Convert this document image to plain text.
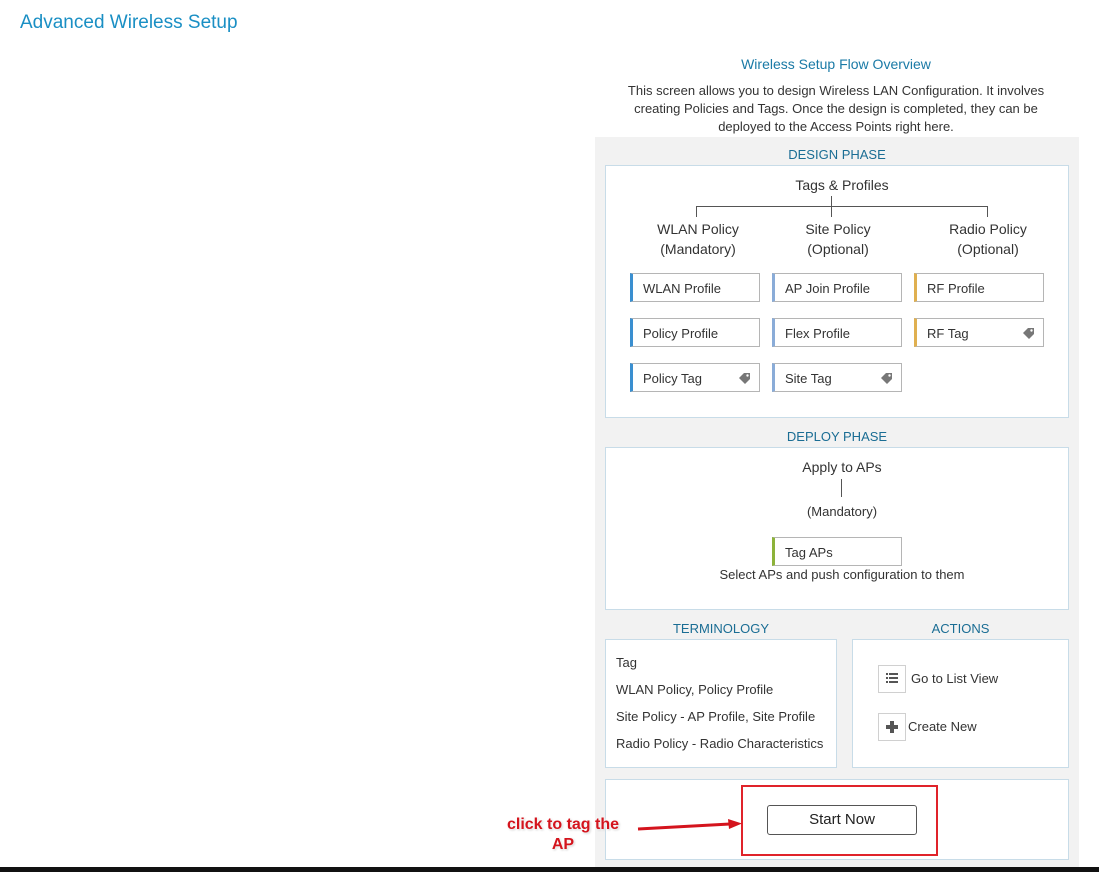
Advanced Wireless Setup
Wireless Setup Flow Overview
This screen allows you to design Wireless LAN Configuration. It involves creating Policies and Tags. Once the design is completed, they can be deployed to the Access Points right here.
DESIGN PHASE
Tags & Profiles
WLAN Policy
(Mandatory)
Site Policy
(Optional)
Radio Policy
(Optional)
WLAN Profile
Policy Profile
Policy Tag
AP Join Profile
Flex Profile
Site Tag
RF Profile
RF Tag
DEPLOY PHASE
Apply to APs
(Mandatory)
Tag APs
Select APs and push configuration to them
TERMINOLOGY
Tag
WLAN Policy, Policy Profile
Site Policy - AP Profile, Site Profile
Radio Policy - Radio Characteristics
ACTIONS
Go to List View
Create New
Start Now
click to tag the
AP
